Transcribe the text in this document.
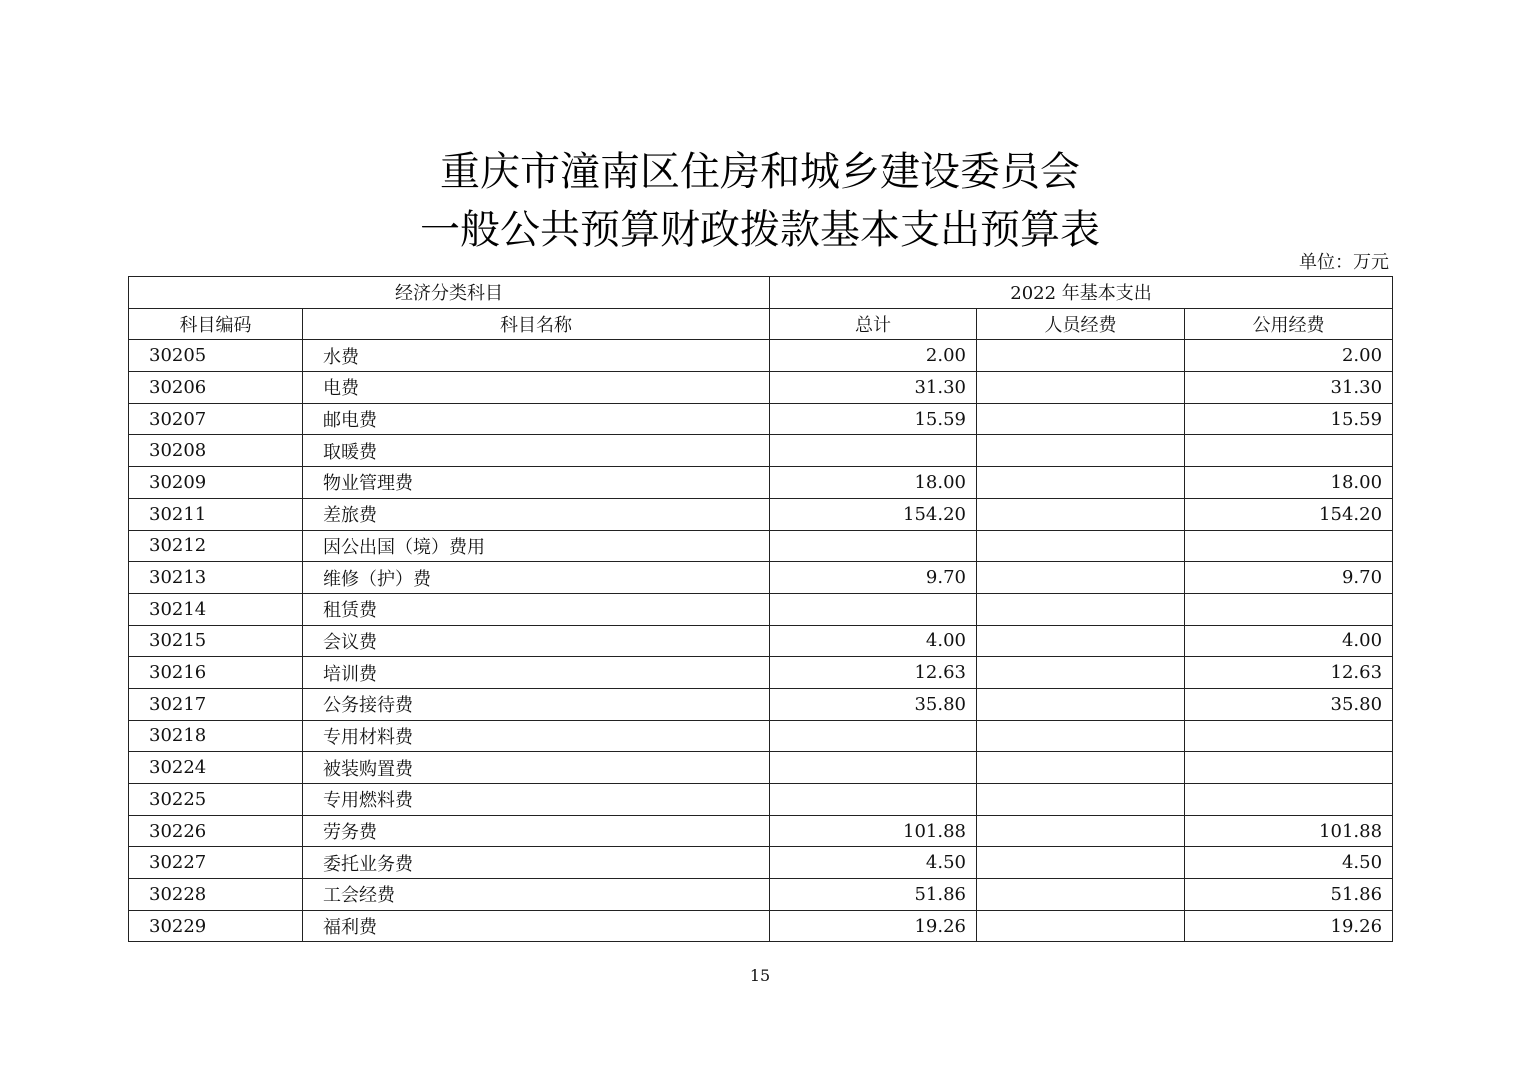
重庆市潼南区住房和城乡建设委员会
一般公共预算财政拨款基本支出预算表
单位：万元
经济分类科目		2022 年基本支出		
科目编码	科目名称	总计	人员经费	公用经费
30205	水费	2.00		2.00
30206	电费	31.30		31.30
30207	邮电费	15.59		15.59
30208	取暖费			
30209	物业管理费	18.00		18.00
30211	差旅费	154.20		154.20
30212	因公出国（境）费用			
30213	维修（护）费	9.70		9.70
30214	租赁费			
30215	会议费	4.00		4.00
30216	培训费	12.63		12.63
30217	公务接待费	35.80		35.80
30218	专用材料费			
30224	被装购置费			
30225	专用燃料费			
30226	劳务费	101.88		101.88
30227	委托业务费	4.50		4.50
30228	工会经费	51.86		51.86
30229	福利费	19.26		19.26
15
